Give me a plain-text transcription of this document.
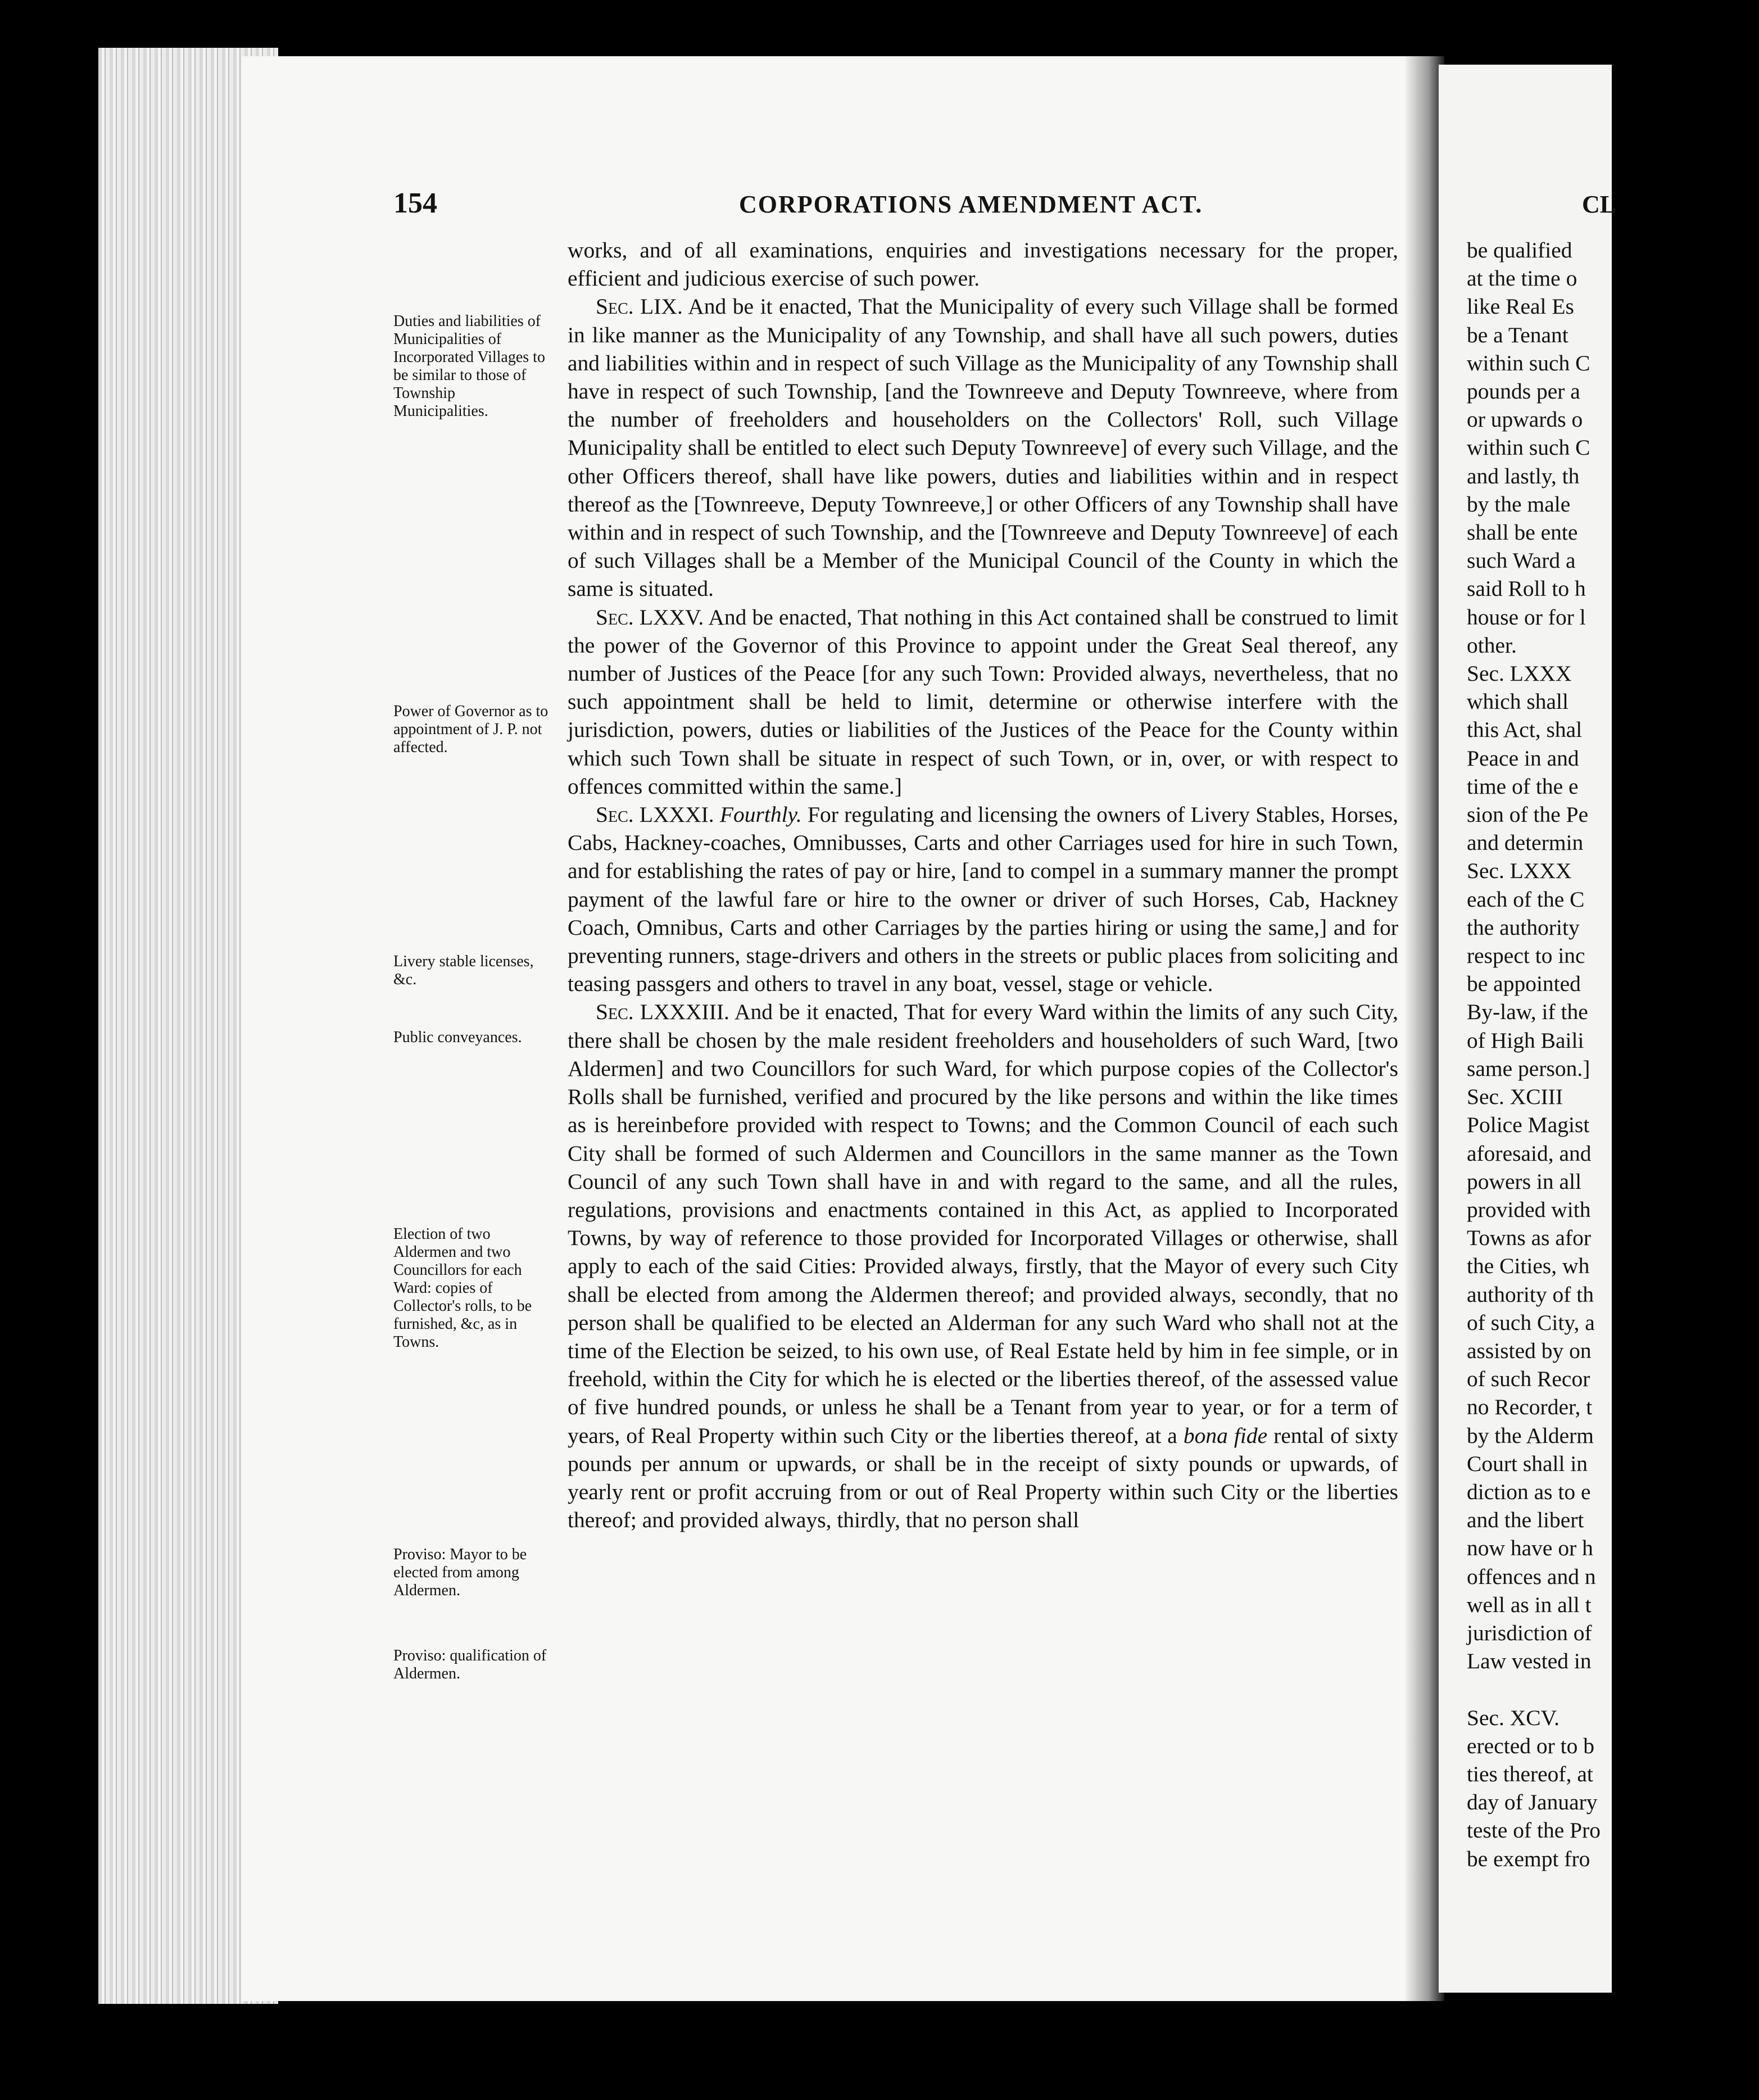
154	CORPORATIONS AMENDMENT ACT.	CL

Duties and liabilities of Municipalities of Incorporated Villages to be similar to those of Township Municipalities.

Power of Governor as to appointment of J. P. not affected.

Livery stable licenses, &c.

Public conveyances.

Election of two Aldermen and two Councillors for each Ward: copies of Collector's rolls, to be furnished, &c, as in Towns.

Proviso: Mayor to be elected from among Aldermen.

Proviso: qualification of Aldermen.

works, and of all examinations, enquiries and investigations necessary for the proper, efficient and judicious exercise of such power.

Sec. LIX. And be it enacted, That the Municipality of every such Village shall be formed in like manner as the Municipality of any Township, and shall have all such powers, duties and liabilities within and in respect of such Village as the Municipality of any Township shall have in respect of such Township, [and the Townreeve and Deputy Townreeve, where from the number of freeholders and householders on the Collectors' Roll, such Village Municipality shall be entitled to elect such Deputy Townreeve] of every such Village, and the other Officers thereof, shall have like powers, duties and liabilities within and in respect thereof as the [Townreeve, Deputy Townreeve,] or other Officers of any Township shall have within and in respect of such Township, and the [Townreeve and Deputy Townreeve] of each of such Villages shall be a Member of the Municipal Council of the County in which the same is situated.

Sec. LXXV. And be enacted, That nothing in this Act contained shall be construed to limit the power of the Governor of this Province to appoint under the Great Seal thereof, any number of Justices of the Peace [for any such Town: Provided always, nevertheless, that no such appointment shall be held to limit, determine or otherwise interfere with the jurisdiction, powers, duties or liabilities of the Justices of the Peace for the County within which such Town shall be situate in respect of such Town, or in, over, or with respect to offences committed within the same.]

Sec. LXXXI. Fourthly. For regulating and licensing the owners of Livery Stables, Horses, Cabs, Hackney-coaches, Omnibusses, Carts and other Carriages used for hire in such Town, and for establishing the rates of pay or hire, [and to compel in a summary manner the prompt payment of the lawful fare or hire to the owner or driver of such Horses, Cab, Hackney Coach, Omnibus, Carts and other Carriages by the parties hiring or using the same,] and for preventing runners, stage-drivers and others in the streets or public places from soliciting and teasing passgers and others to travel in any boat, vessel, stage or vehicle.

Sec. LXXXIII. And be it enacted, That for every Ward within the limits of any such City, there shall be chosen by the male resident freeholders and householders of such Ward, [two Aldermen] and two Councillors for such Ward, for which purpose copies of the Collector's Rolls shall be furnished, verified and procured by the like persons and within the like times as is hereinbefore provided with respect to Towns; and the Common Council of each such City shall be formed of such Aldermen and Councillors in the same manner as the Town Council of any such Town shall have in and with regard to the same, and all the rules, regulations, provisions and enactments contained in this Act, as applied to Incorporated Towns, by way of reference to those provided for Incorporated Villages or otherwise, shall apply to each of the said Cities: Provided always, firstly, that the Mayor of every such City shall be elected from among the Aldermen thereof; and provided always, secondly, that no person shall be qualified to be elected an Alderman for any such Ward who shall not at the time of the Election be seized, to his own use, of Real Estate held by him in fee simple, or in freehold, within the City for which he is elected or the liberties thereof, of the assessed value of five hundred pounds, or unless he shall be a Tenant from year to year, or for a term of years, of Real Property within such City or the liberties thereof, at a bona fide rental of sixty pounds per annum or upwards, or shall be in the receipt of sixty pounds or upwards, of yearly rent or profit accruing from or out of Real Property within such City or the liberties thereof; and provided always, thirdly, that no person shall

be qualified

at the time o

like Real Es

be a Tenant

within such C

pounds per a

or upwards o

within such C

and lastly, th

by the male

shall be ente

such Ward a

said Roll to h

house or for l

other.

Sec. LXXX

which shall

this Act, shal

Peace in and

time of the e

sion of the Pe

and determin

Sec. LXXX

each of the C

the authority

respect to inc

be appointed

By-law, if the

of High Baili

same person.]

Sec. XCIII

Police Magist

aforesaid, and

powers in all

provided with

Towns as afor

the Cities, wh

authority of th

of such City, a

assisted by on

of such Recor

no Recorder, t

by the Alderm

Court shall in

diction as to e

and the libert

now have or h

offences and n

well as in all t

jurisdiction of

Law vested in

Sec. XCV.

erected or to b

ties thereof, at

day of January

teste of the Pro

be exempt fro
